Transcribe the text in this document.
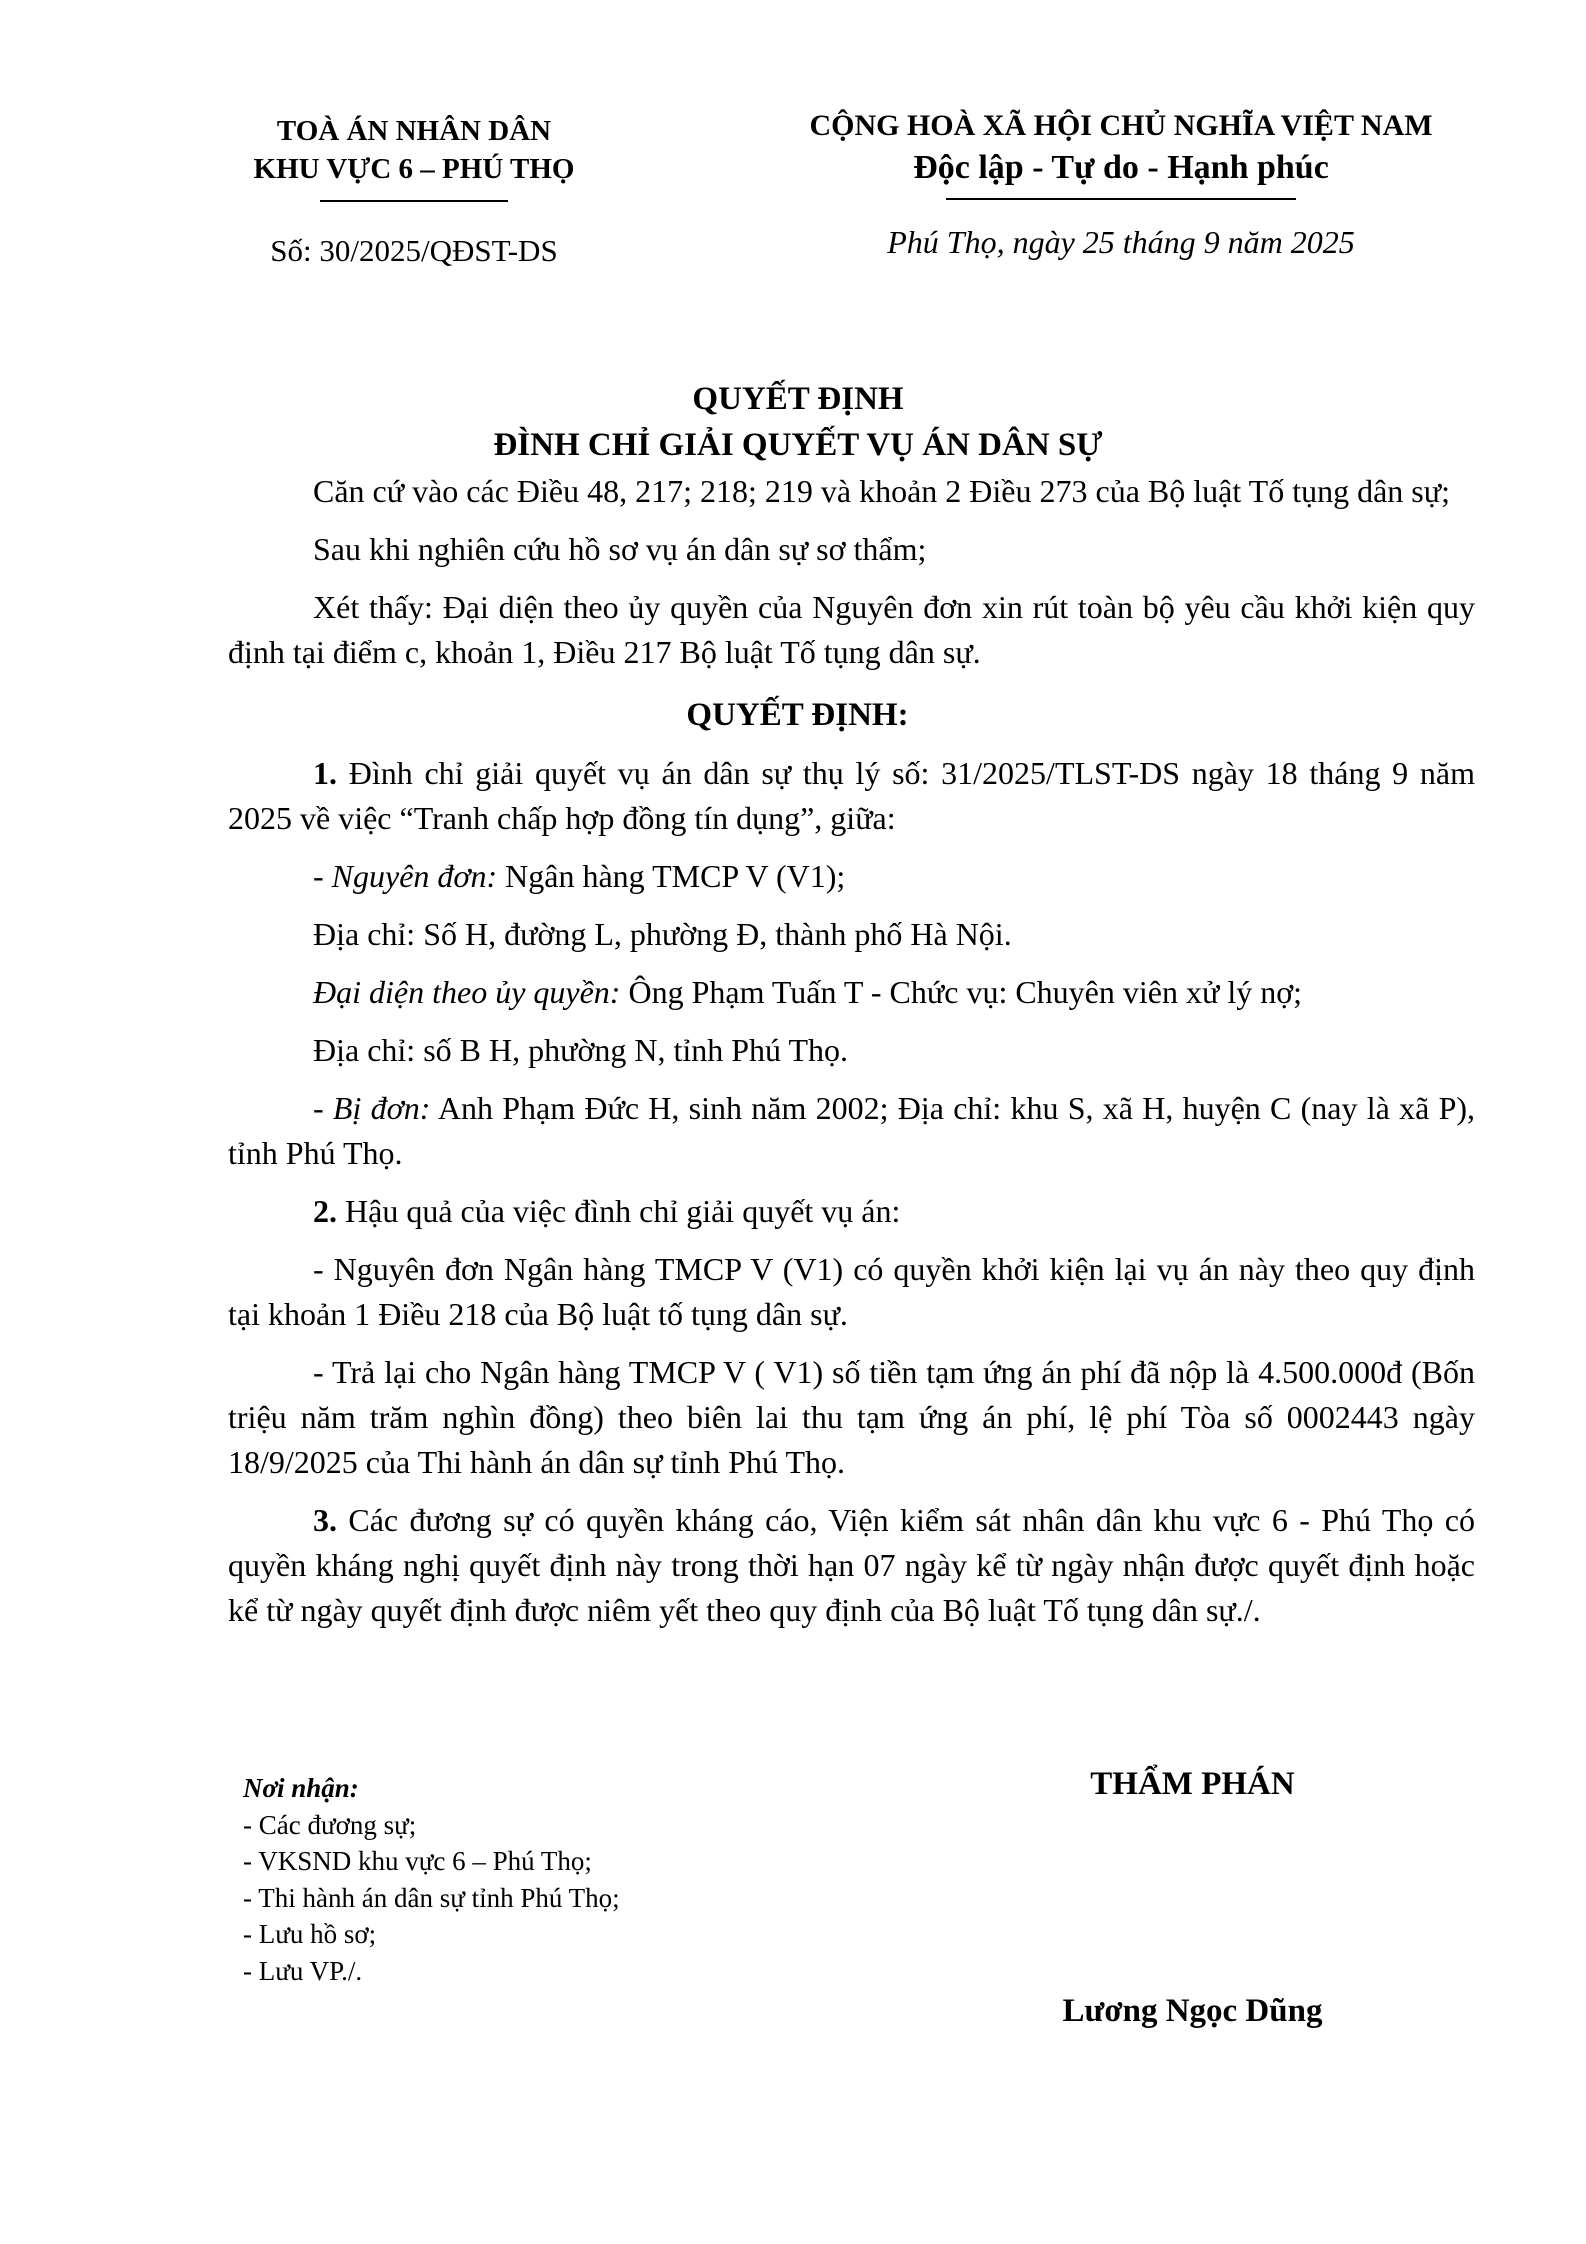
TOÀ ÁN NHÂN DÂN
KHU VỰC 6 – PHÚ THỌ
Số: 30/2025/QĐST-DS
CỘNG HOÀ XÃ HỘI CHỦ NGHĨA VIỆT NAM
Độc lập - Tự do - Hạnh phúc
Phú Thọ, ngày 25 tháng 9 năm 2025
QUYẾT ĐỊNH
ĐÌNH CHỈ GIẢI QUYẾT VỤ ÁN DÂN SỰ

Căn cứ vào các Điều 48, 217; 218; 219 và khoản 2 Điều 273 của Bộ luật Tố tụng dân sự;

Sau khi nghiên cứu hồ sơ vụ án dân sự sơ thẩm;

Xét thấy: Đại diện theo ủy quyền của Nguyên đơn xin rút toàn bộ yêu cầu khởi kiện quy định tại điểm c, khoản 1, Điều 217 Bộ luật Tố tụng dân sự.

QUYẾT ĐỊNH:

1. Đình chỉ giải quyết vụ án dân sự thụ lý số: 31/2025/TLST-DS ngày 18 tháng 9 năm 2025 về việc “Tranh chấp hợp đồng tín dụng”, giữa:

- Nguyên đơn: Ngân hàng TMCP V (V1);

Địa chỉ: Số H, đường L, phường Đ, thành phố Hà Nội.

Đại diện theo ủy quyền: Ông Phạm Tuấn T - Chức vụ: Chuyên viên xử lý nợ;

Địa chỉ: số B H, phường N, tỉnh Phú Thọ.

- Bị đơn: Anh Phạm Đức H, sinh năm 2002; Địa chỉ: khu S, xã H, huyện C (nay là xã P), tỉnh Phú Thọ.

2. Hậu quả của việc đình chỉ giải quyết vụ án:

- Nguyên đơn Ngân hàng TMCP V (V1) có quyền khởi kiện lại vụ án này theo quy định tại khoản 1 Điều 218 của Bộ luật tố tụng dân sự.

- Trả lại cho Ngân hàng TMCP V ( V1) số tiền tạm ứng án phí đã nộp là 4.500.000đ (Bốn triệu năm trăm nghìn đồng) theo biên lai thu tạm ứng án phí, lệ phí Tòa số 0002443 ngày 18/9/2025 của Thi hành án dân sự tỉnh Phú Thọ.

3. Các đương sự có quyền kháng cáo, Viện kiểm sát nhân dân khu vực 6 - Phú Thọ có quyền kháng nghị quyết định này trong thời hạn 07 ngày kể từ ngày nhận được quyết định hoặc kể từ ngày quyết định được niêm yết theo quy định của Bộ luật Tố tụng dân sự./.

Nơi nhận:
- Các đương sự;
- VKSND khu vực 6 – Phú Thọ;
- Thi hành án dân sự tỉnh Phú Thọ;
- Lưu hồ sơ;
- Lưu VP./.
THẨM PHÁN
Lương Ngọc Dũng
